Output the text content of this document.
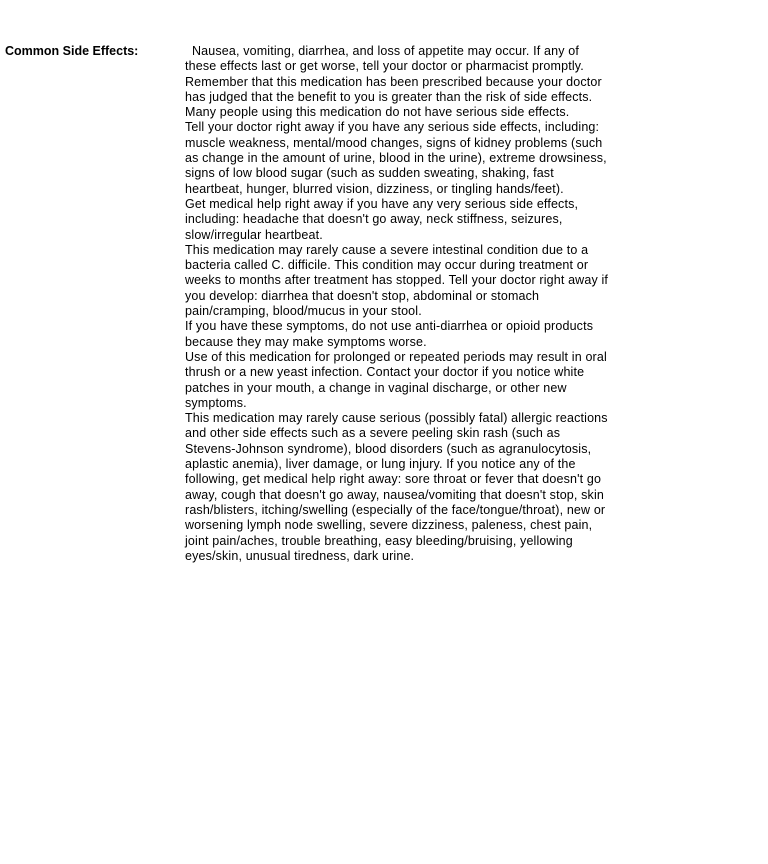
Common Side Effects:	Nausea, vomiting, diarrhea, and loss of appetite may occur. If any of these effects last or get worse, tell your doctor or pharmacist promptly.

Remember that this medication has been prescribed because your doctor has judged that the benefit to you is greater than the risk of side effects. Many people using this medication do not have serious side effects.

Tell your doctor right away if you have any serious side effects, including: muscle weakness, mental/mood changes, signs of kidney problems (such as change in the amount of urine, blood in the urine), extreme drowsiness, signs of low blood sugar (such as sudden sweating, shaking, fast heartbeat, hunger, blurred vision, dizziness, or tingling hands/feet).

Get medical help right away if you have any very serious side effects, including: headache that doesn't go away, neck stiffness, seizures, slow/irregular heartbeat.

This medication may rarely cause a severe intestinal condition due to a bacteria called C. difficile. This condition may occur during treatment or weeks to months after treatment has stopped. Tell your doctor right away if you develop: diarrhea that doesn't stop, abdominal or stomach pain/cramping, blood/mucus in your stool.

If you have these symptoms, do not use anti-diarrhea or opioid products because they may make symptoms worse.

Use of this medication for prolonged or repeated periods may result in oral thrush or a new yeast infection. Contact your doctor if you notice white patches in your mouth, a change in vaginal discharge, or other new symptoms.

This medication may rarely cause serious (possibly fatal) allergic reactions and other side effects such as a severe peeling skin rash (such as Stevens-Johnson syndrome), blood disorders (such as agranulocytosis, aplastic anemia), liver damage, or lung injury. If you notice any of the following, get medical help right away: sore throat or fever that doesn't go away, cough that doesn't go away, nausea/vomiting that doesn't stop, skin rash/blisters, itching/swelling (especially of the face/tongue/throat), new or worsening lymph node swelling, severe dizziness, paleness, chest pain, joint pain/aches, trouble breathing, easy bleeding/bruising, yellowing eyes/skin, unusual tiredness, dark urine.
